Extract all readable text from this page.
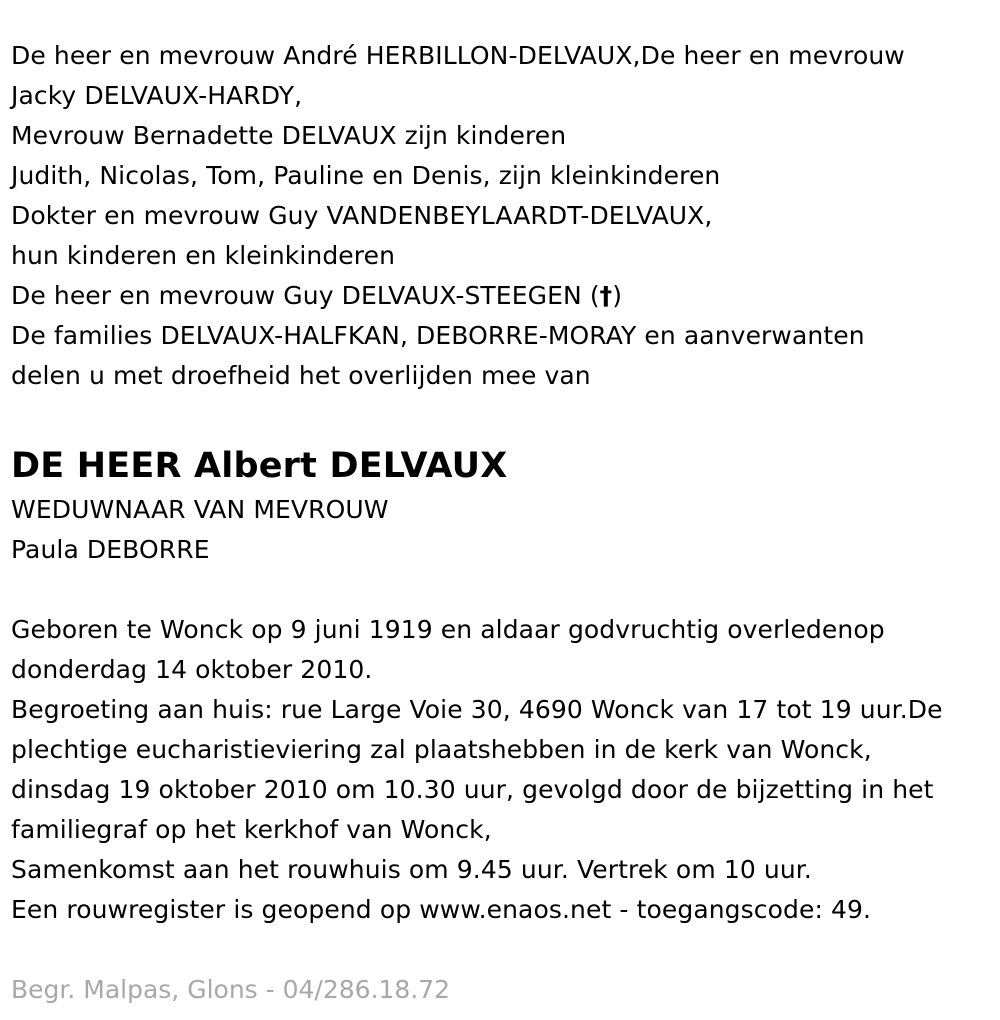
De heer en mevrouw André HERBILLON-DELVAUX,De heer en mevrouw
Jacky DELVAUX-HARDY,
Mevrouw Bernadette DELVAUX zijn kinderen
Judith, Nicolas, Tom, Pauline en Denis, zijn kleinkinderen
Dokter en mevrouw Guy VANDENBEYLAARDT-DELVAUX,
hun kinderen en kleinkinderen
De heer en mevrouw Guy DELVAUX-STEEGEN (†)
De families DELVAUX-HALFKAN, DEBORRE-MORAY en aanverwanten
delen u met droefheid het overlijden mee van
DE HEER Albert DELVAUX
WEDUWNAAR VAN MEVROUW
Paula DEBORRE
Geboren te Wonck op 9 juni 1919 en aldaar godvruchtig overledenop
donderdag 14 oktober 2010.
Begroeting aan huis: rue Large Voie 30, 4690 Wonck van 17 tot 19 uur.De
plechtige eucharistieviering zal plaatshebben in de kerk van Wonck,
dinsdag 19 oktober 2010 om 10.30 uur, gevolgd door de bijzetting in het
familiegraf op het kerkhof van Wonck,
Samenkomst aan het rouwhuis om 9.45 uur. Vertrek om 10 uur.
Een rouwregister is geopend op www.enaos.net - toegangscode: 49.
Begr. Malpas, Glons - 04/286.18.72
